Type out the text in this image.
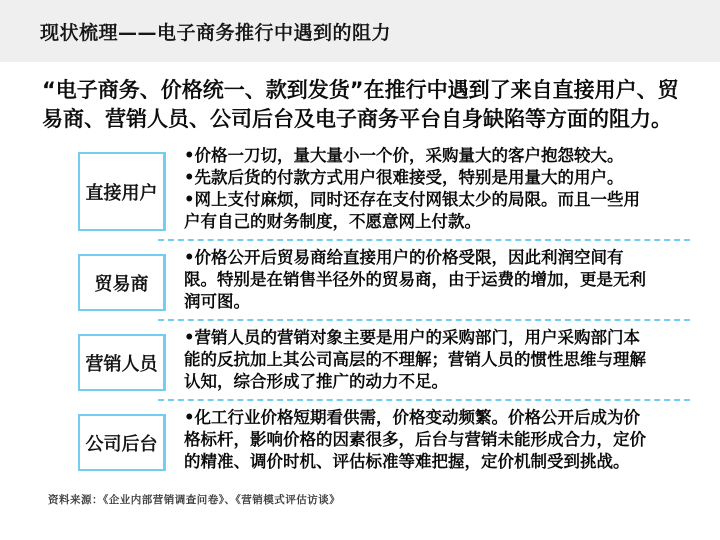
现状梳理——电子商务推行中遇到的阻力

“电子商务、价格统一、款到发货”在推行中遇到了来自直接用户、贸易商、营销人员、公司后台及电子商务平台自身缺陷等方面的阻力。

直接用户
•价格一刀切，量大量小一个价，采购量大的客户抱怨较大。
•先款后货的付款方式用户很难接受，特别是用量大的用户。
•网上支付麻烦，同时还存在支付网银太少的局限。而且一些用户有自己的财务制度，不愿意网上付款。
贸易商
•价格公开后贸易商给直接用户的价格受限，因此利润空间有限。特别是在销售半径外的贸易商，由于运费的增加，更是无利润可图。
营销人员
•营销人员的营销对象主要是用户的采购部门，用户采购部门本能的反抗加上其公司高层的不理解；营销人员的惯性思维与理解认知，综合形成了推广的动力不足。
公司后台
•化工行业价格短期看供需，价格变动频繁。价格公开后成为价格标杆，影响价格的因素很多，后台与营销未能形成合力，定价的精准、调价时机、评估标准等难把握，定价机制受到挑战。

资料来源：《企业内部营销调查问卷》、《营销模式评估访谈》
